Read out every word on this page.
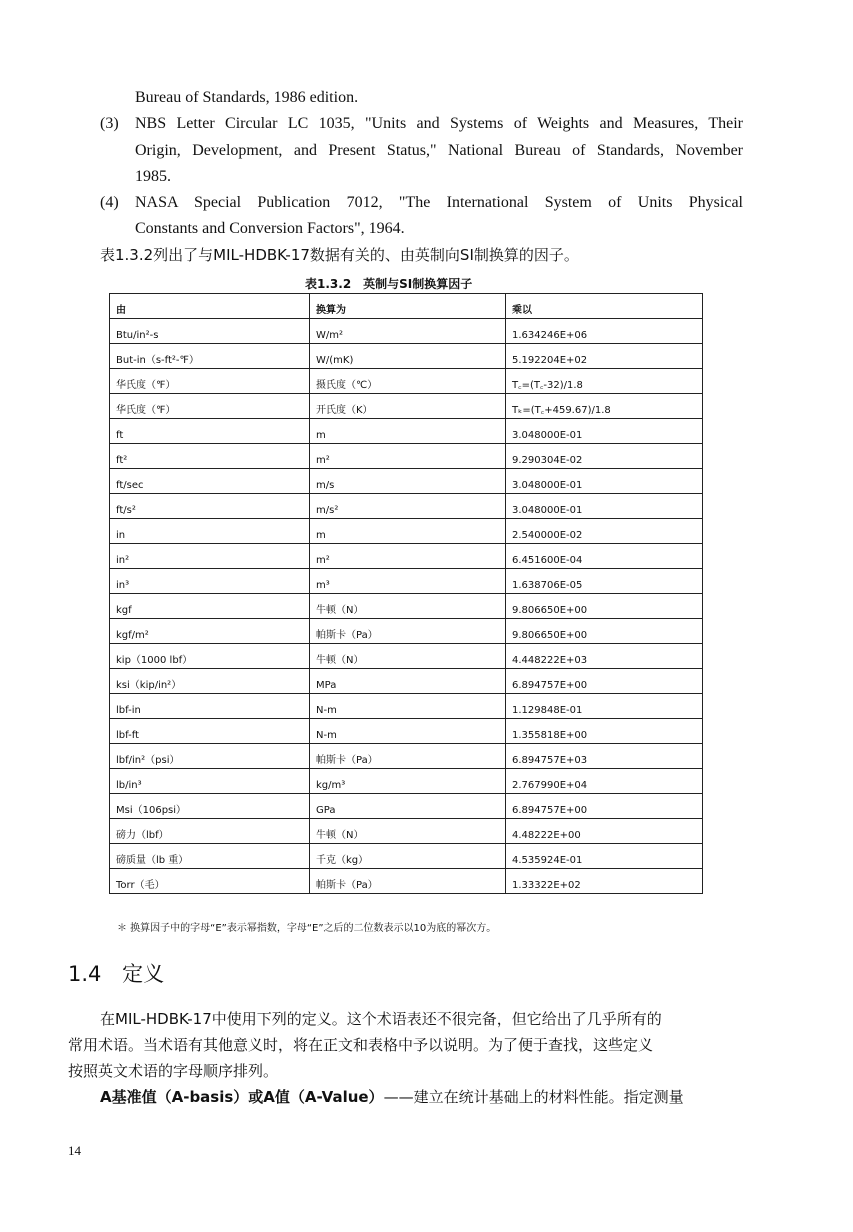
Bureau of Standards, 1986 edition.
(3) NBS Letter Circular LC 1035, "Units and Systems of Weights and Measures, Their
Origin, Development, and Present Status," National Bureau of Standards, November
1985.
(4) NASA Special Publication 7012, "The International System of Units Physical
Constants and Conversion Factors", 1964.
表1.3.2列出了与MIL-HDBK-17数据有关的、由英制向SI制换算的因子。
表1.3.2　英制与SI制换算因子
由	换算为	乘以
Btu/in²-s	W/m²	1.634246E+06
But-in（s-ft²-℉）	W/(mK)	5.192204E+02
华氏度（℉）	摄氏度（℃）	T꜀=(T꜀-32)/1.8
华氏度（℉）	开氏度（K）	Tₖ=(T꜀+459.67)/1.8
ft	m	3.048000E-01
ft²	m²	9.290304E-02
ft/sec	m/s	3.048000E-01
ft/s²	m/s²	3.048000E-01
in	m	2.540000E-02
in²	m²	6.451600E-04
in³	m³	1.638706E-05
kgf	牛顿（N）	9.806650E+00
kgf/m²	帕斯卡（Pa）	9.806650E+00
kip（1000 lbf）	牛顿（N）	4.448222E+03
ksi（kip/in²）	MPa	6.894757E+00
lbf-in	N-m	1.129848E-01
lbf-ft	N-m	1.355818E+00
lbf/in²（psi）	帕斯卡（Pa）	6.894757E+03
lb/in³	kg/m³	2.767990E+04
Msi（106psi）	GPa	6.894757E+00
磅力（lbf）	牛顿（N）	4.48222E+00
磅质量（lb 重）	千克（kg）	4.535924E-01
Torr（毛）	帕斯卡（Pa）	1.33322E+02
＊ 换算因子中的字母“E”表示幂指数，字母“E”之后的二位数表示以10为底的幂次方。
1.4 定义
在MIL-HDBK-17中使用下列的定义。这个术语表还不很完备，但它给出了几乎所有的
常用术语。当术语有其他意义时，将在正文和表格中予以说明。为了便于查找，这些定义
按照英文术语的字母顺序排列。
A基准值（A-basis）或A值（A-Value）——建立在统计基础上的材料性能。指定测量
14
